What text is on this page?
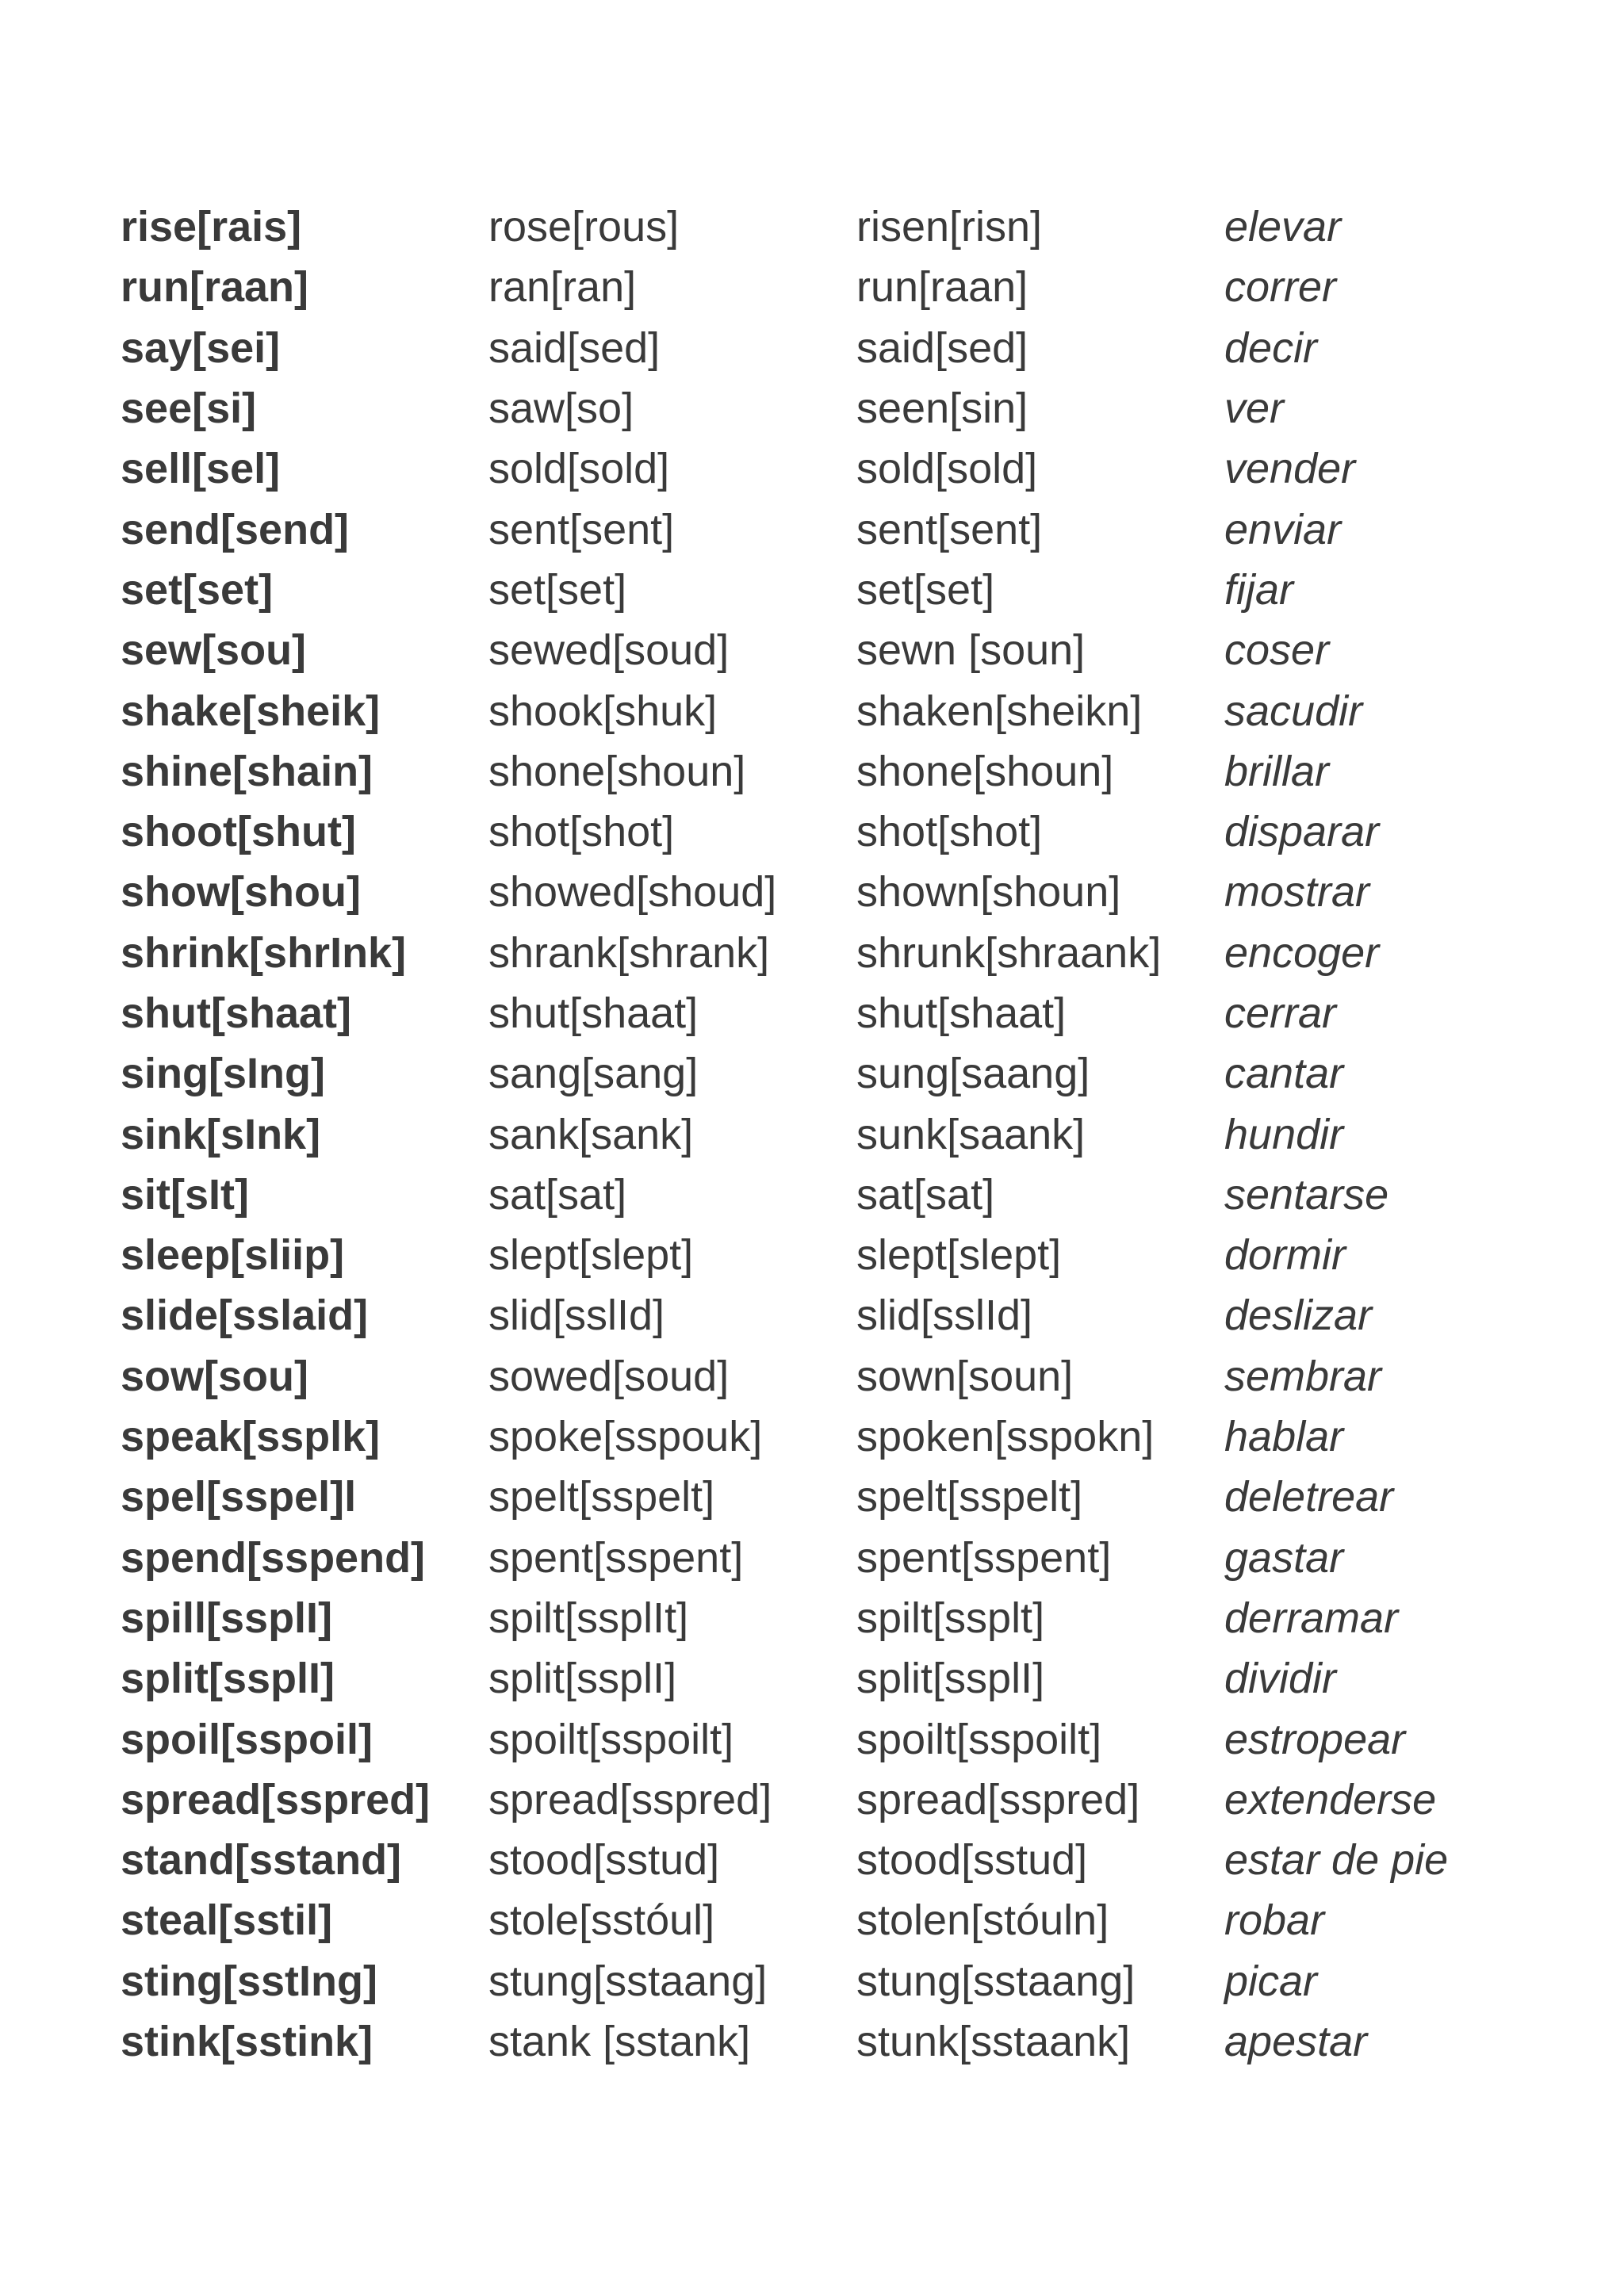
rise[rais]	rose[rous]	risen[risn]	elevar
run[raan]	ran[ran]	run[raan]	correr
say[sei]	said[sed]	said[sed]	decir
see[si]	saw[so]	seen[sin]	ver
sell[sel]	sold[sold]	sold[sold]	vender
send[send]	sent[sent]	sent[sent]	enviar
set[set]	set[set]	set[set]	fijar
sew[sou]	sewed[soud]	sewn [soun]	coser
shake[sheik]	shook[shuk]	shaken[sheikn]	sacudir
shine[shain]	shone[shoun]	shone[shoun]	brillar
shoot[shut]	shot[shot]	shot[shot]	disparar
show[shou]	showed[shoud]	shown[shoun]	mostrar
shrink[shrInk]	shrank[shrank]	shrunk[shraank]	encoger
shut[shaat]	shut[shaat]	shut[shaat]	cerrar
sing[sIng]	sang[sang]	sung[saang]	cantar
sink[sInk]	sank[sank]	sunk[saank]	hundir
sit[sIt]	sat[sat]	sat[sat]	sentarse
sleep[sliip]	slept[slept]	slept[slept]	dormir
slide[sslaid]	slid[sslId]	slid[sslId]	deslizar
sow[sou]	sowed[soud]	sown[soun]	sembrar
speak[ssplk]	spoke[sspouk]	spoken[sspokn]	hablar
spel[sspel]l	spelt[sspelt]	spelt[sspelt]	deletrear
spend[sspend]	spent[sspent]	spent[sspent]	gastar
spill[ssplI]	spilt[ssplIt]	spilt[ssplt]	derramar
split[ssplI]	split[ssplI]	split[ssplI]	dividir
spoil[sspoil]	spoilt[sspoilt]	spoilt[sspoilt]	estropear
spread[sspred]	spread[sspred]	spread[sspred]	extenderse
stand[sstand]	stood[sstud]	stood[sstud]	estar de pie
steal[sstil]	stole[sstóul]	stolen[stóuln]	robar
sting[sstIng]	stung[sstaang]	stung[sstaang]	picar
stink[sstink]	stank [sstank]	stunk[sstaank]	apestar
